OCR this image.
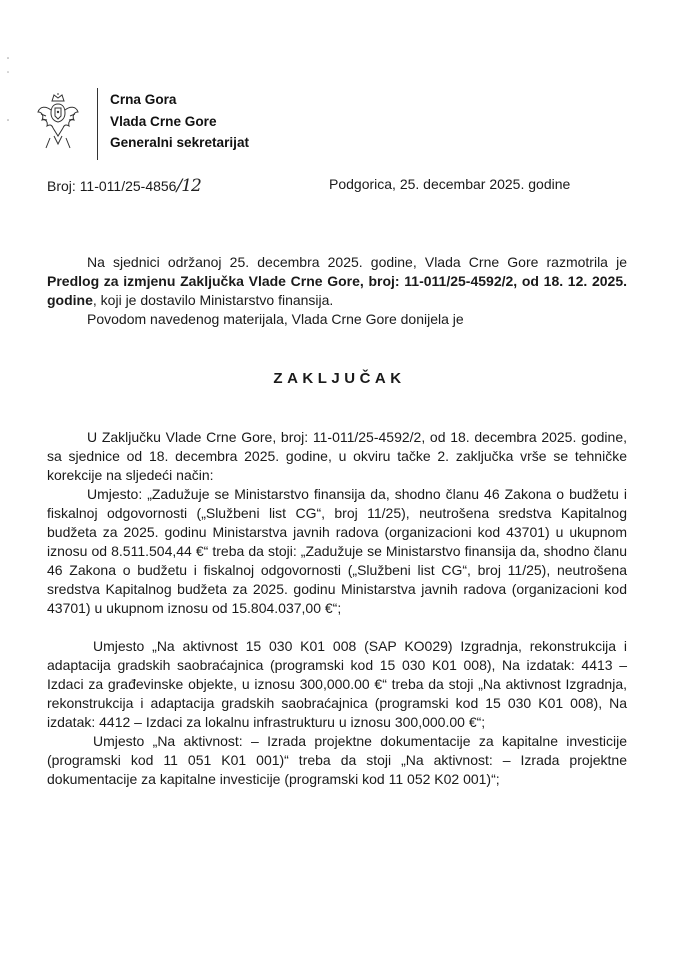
Crna Gora
Vlada Crne Gore
Generalni sekretarijat
Broj: 11-011/25-4856/12	Podgorica, 25. decembar 2025. godine

Na sjednici održanoj 25. decembra 2025. godine, Vlada Crne Gore razmotrila je Predlog za izmjenu Zaključka Vlade Crne Gore, broj: 11-011/25-4592/2, od 18. 12. 2025. godine, koji je dostavilo Ministarstvo finansija.

Povodom navedenog materijala, Vlada Crne Gore donijela je

ZAKLJUČAK

U Zaključku Vlade Crne Gore, broj: 11-011/25-4592/2, od 18. decembra 2025. godine, sa sjednice od 18. decembra 2025. godine, u okviru tačke 2. zaključka vrše se tehničke korekcije na sljedeći način:

Umjesto: „Zadužuje se Ministarstvo finansija da, shodno članu 46 Zakona o budžetu i fiskalnoj odgovornosti („Službeni list CG“, broj 11/25), neutrošena sredstva Kapitalnog budžeta za 2025. godinu Ministarstva javnih radova (organizacioni kod 43701) u ukupnom iznosu od 8.511.504,44 €“ treba da stoji: „Zadužuje se Ministarstvo finansija da, shodno članu 46 Zakona o budžetu i fiskalnoj odgovornosti („Službeni list CG“, broj 11/25), neutrošena sredstva Kapitalnog budžeta za 2025. godinu Ministarstva javnih radova (organizacioni kod 43701) u ukupnom iznosu od 15.804.037,00 €“;

Umjesto „Na aktivnost 15 030 K01 008 (SAP KO029) Izgradnja, rekonstrukcija i adaptacija gradskih saobraćajnica (programski kod 15 030 K01 008), Na izdatak: 4413 – Izdaci za građevinske objekte, u iznosu 300,000.00 €“ treba da stoji „Na aktivnost Izgradnja, rekonstrukcija i adaptacija gradskih saobraćajnica (programski kod 15 030 K01 008), Na izdatak: 4412 – Izdaci za lokalnu infrastrukturu u iznosu 300,000.00 €“;

Umjesto „Na aktivnost: – Izrada projektne dokumentacije za kapitalne investicije (programski kod 11 051 K01 001)“ treba da stoji „Na aktivnost: – Izrada projektne dokumentacije za kapitalne investicije (programski kod 11 052 K02 001)“;
